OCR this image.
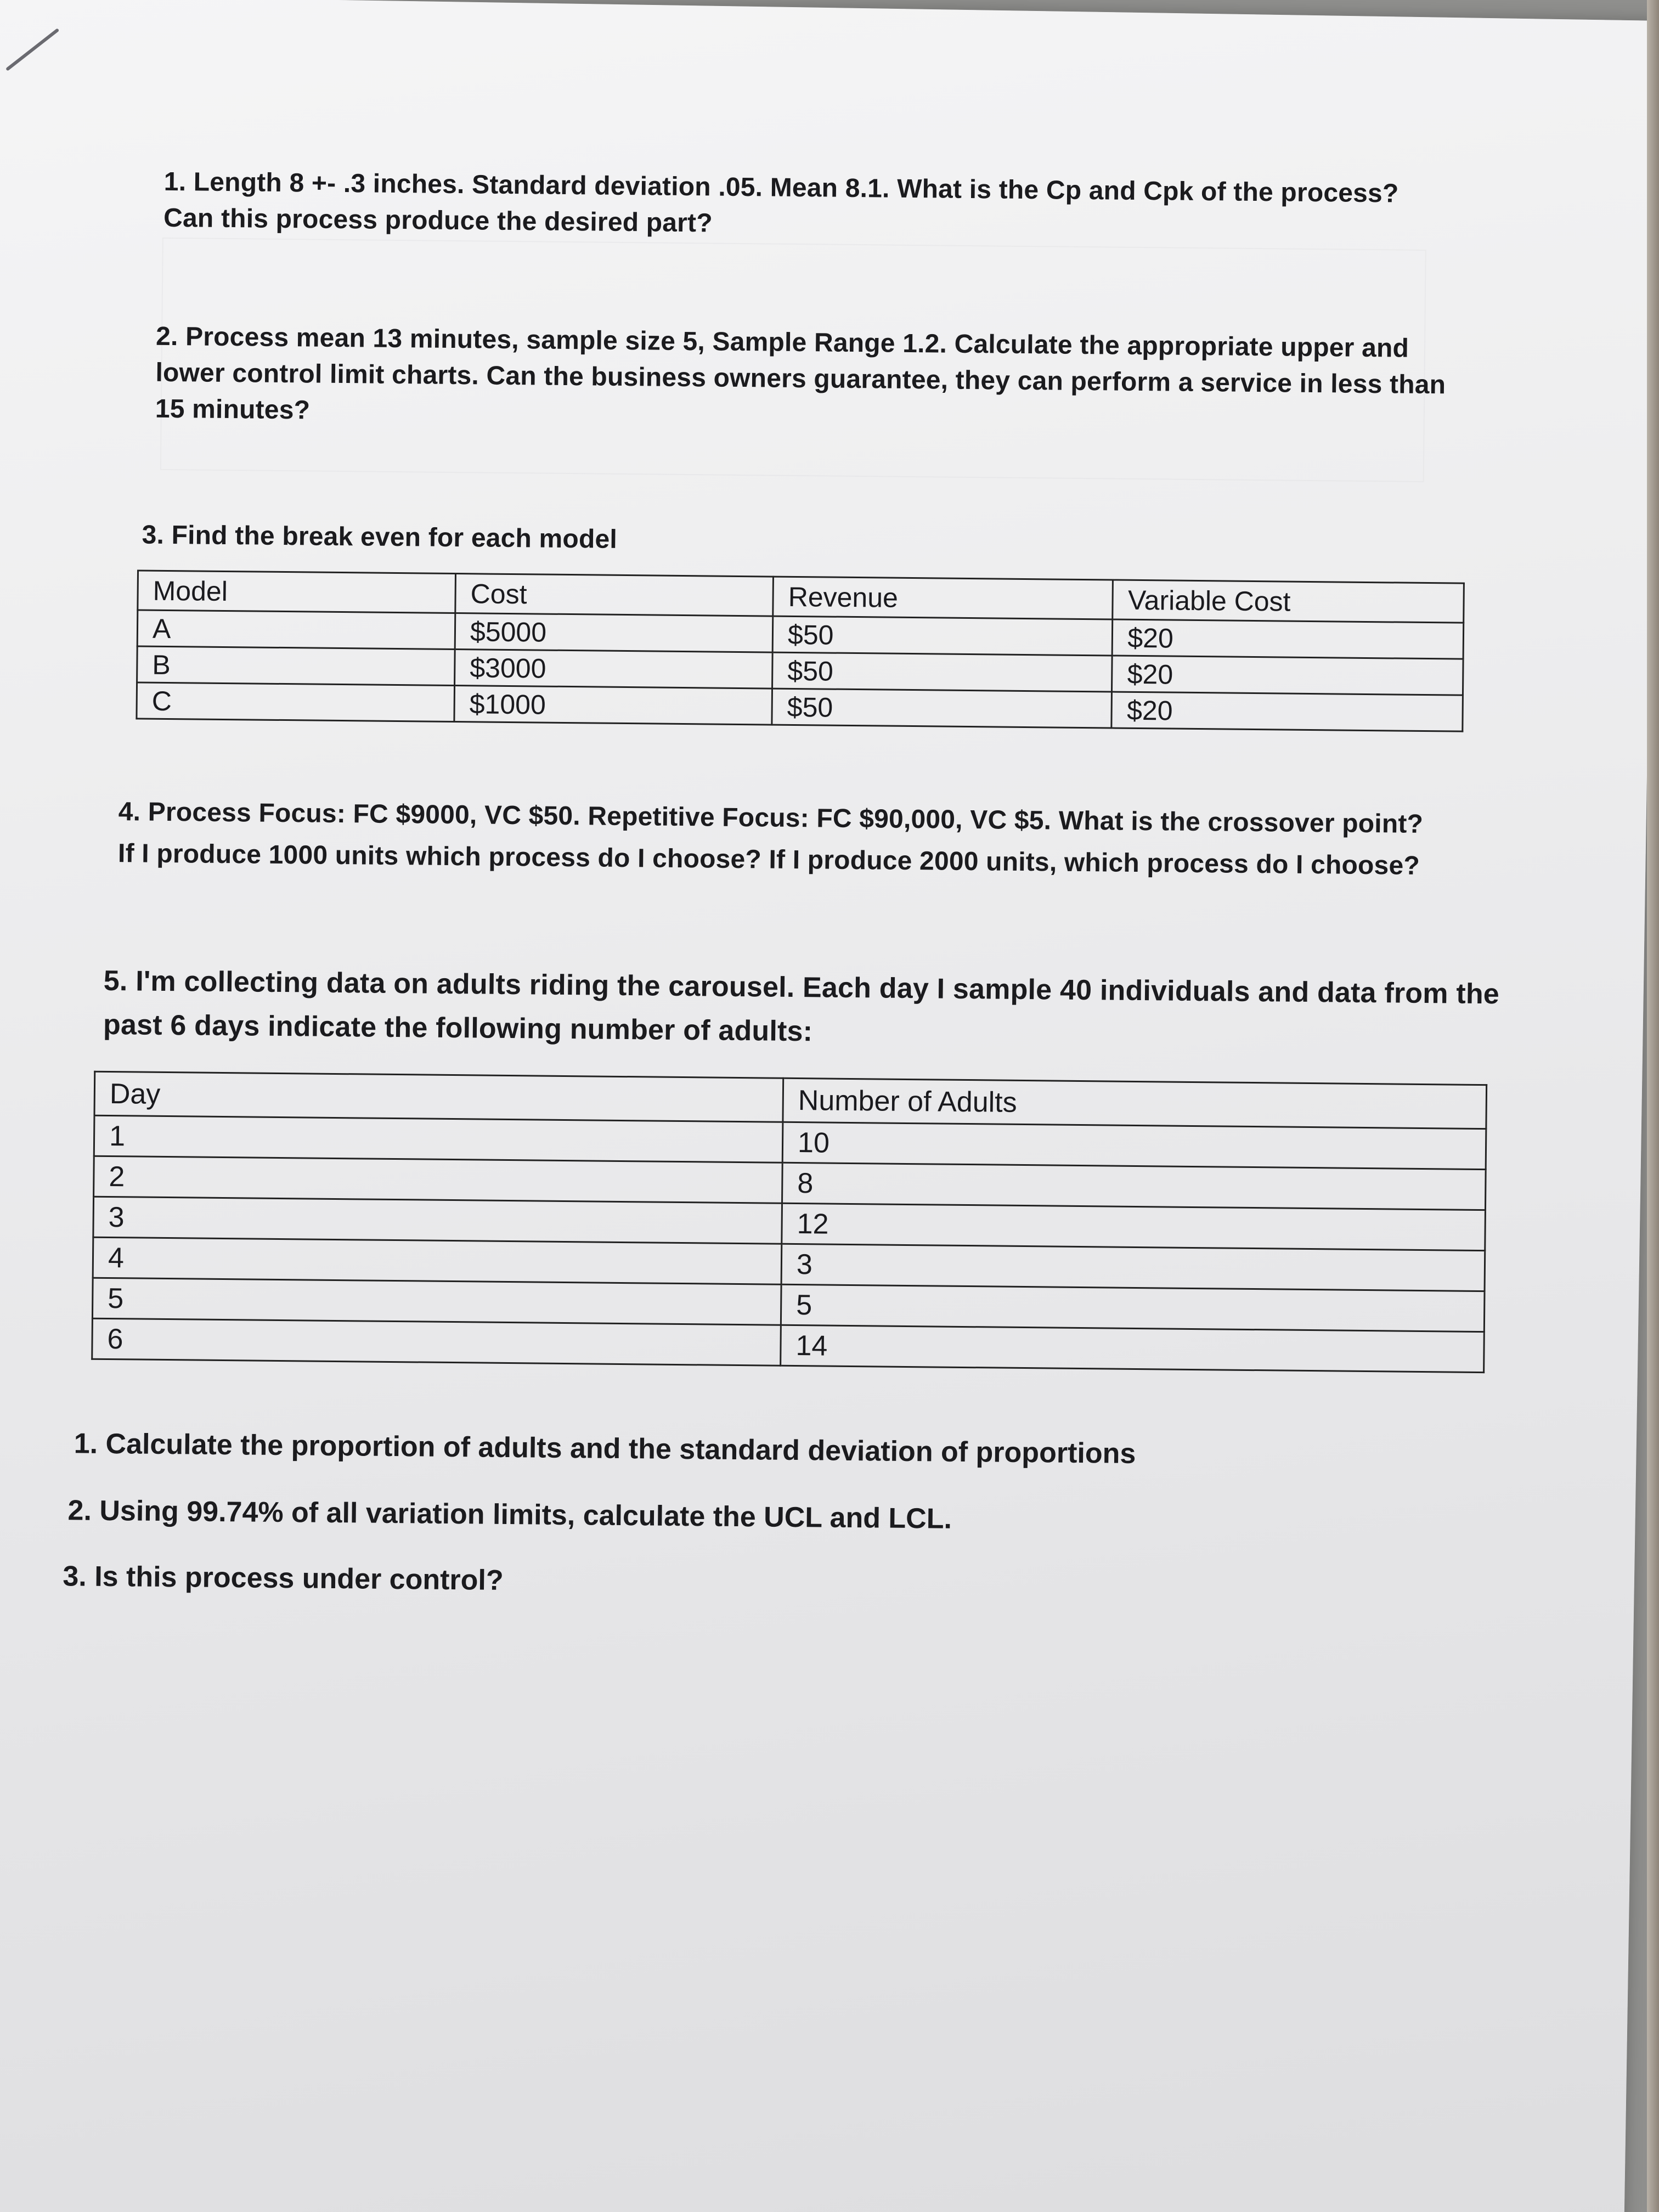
1. Length 8 +- .3 inches. Standard deviation .05. Mean 8.1. What is the Cp and Cpk of the process?
Can this process produce the desired part?
2. Process mean 13 minutes, sample size 5, Sample Range 1.2. Calculate the appropriate upper and
lower control limit charts. Can the business owners guarantee, they can perform a service in less than
15 minutes?
3. Find the break even for each model
Model	Cost	Revenue	Variable Cost
A	$5000	$50	$20
B	$3000	$50	$20
C	$1000	$50	$20
4. Process Focus: FC $9000, VC $50. Repetitive Focus: FC $90,000, VC $5. What is the crossover point?
If I produce 1000 units which process do I choose? If I produce 2000 units, which process do I choose?
5. I'm collecting data on adults riding the carousel. Each day I sample 40 individuals and data from the
past 6 days indicate the following number of adults:
Day	Number of Adults
1	10
2	8
3	12
4	3
5	5
6	14
1. Calculate the proportion of adults and the standard deviation of proportions
2. Using 99.74% of all variation limits, calculate the UCL and LCL.
3. Is this process under control?
